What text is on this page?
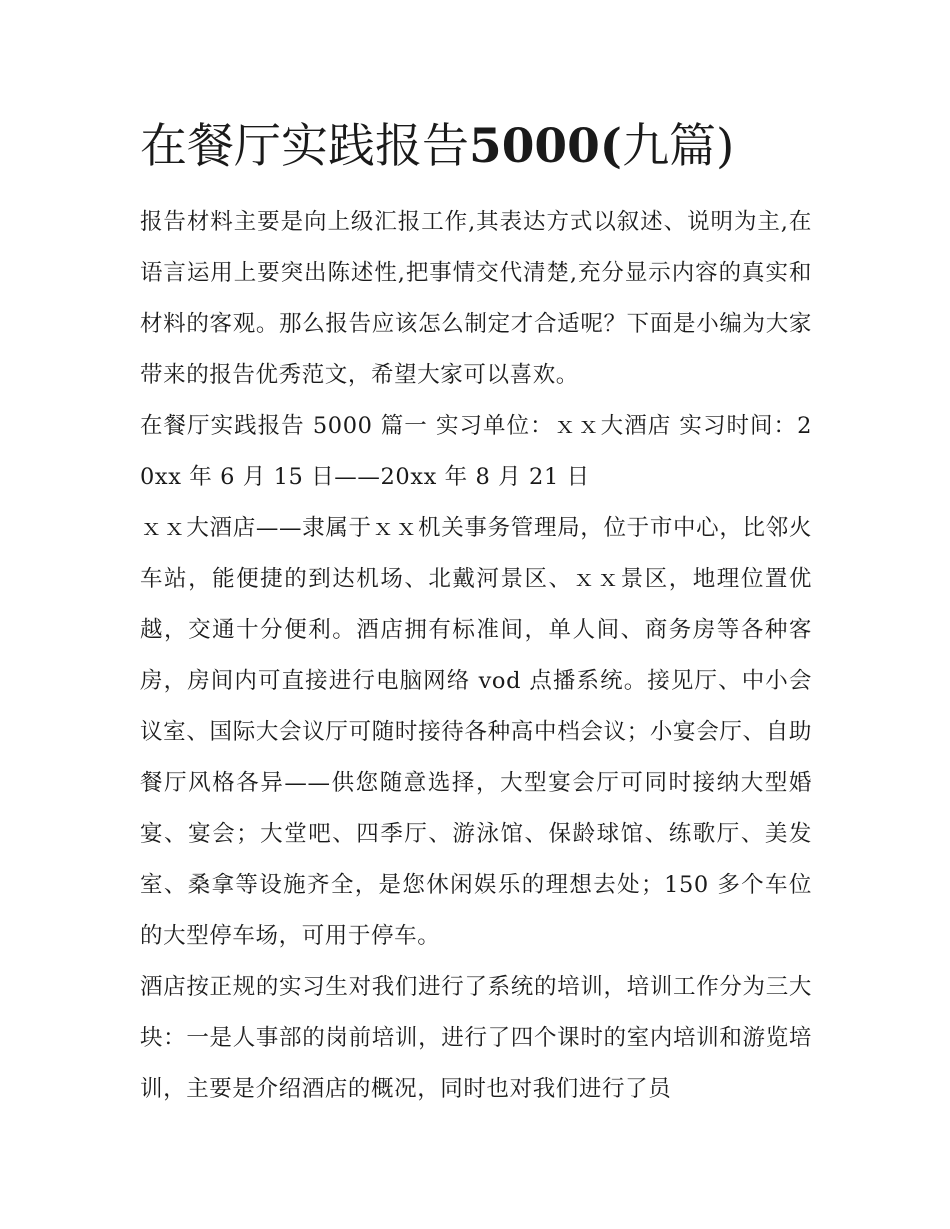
在餐厅实践报告5000(九篇)

报告材料主要是向上级汇报工作,其表达方式以叙述、说明为主,在语言运用上要突出陈述性,把事情交代清楚,充分显示内容的真实和材料的客观。那么报告应该怎么制定才合适呢？下面是小编为大家带来的报告优秀范文，希望大家可以喜欢。

在餐厅实践报告 5000 篇一 实习单位：ｘｘ大酒店 实习时间：20xx 年 6 月 15 日——20xx 年 8 月 21 日

ｘｘ大酒店——隶属于ｘｘ机关事务管理局，位于市中心，比邻火车站，能便捷的到达机场、北戴河景区、ｘｘ景区，地理位置优越，交通十分便利。酒店拥有标准间，单人间、商务房等各种客房，房间内可直接进行电脑网络 vod 点播系统。接见厅、中小会议室、国际大会议厅可随时接待各种高中档会议；小宴会厅、自助餐厅风格各异——供您随意选择，大型宴会厅可同时接纳大型婚宴、宴会；大堂吧、四季厅、游泳馆、保龄球馆、练歌厅、美发室、桑拿等设施齐全，是您休闲娱乐的理想去处；150 多个车位的大型停车场，可用于停车。

酒店按正规的实习生对我们进行了系统的培训，培训工作分为三大块：一是人事部的岗前培训，进行了四个课时的室内培训和游览培训，主要是介绍酒店的概况，同时也对我们进行了员
